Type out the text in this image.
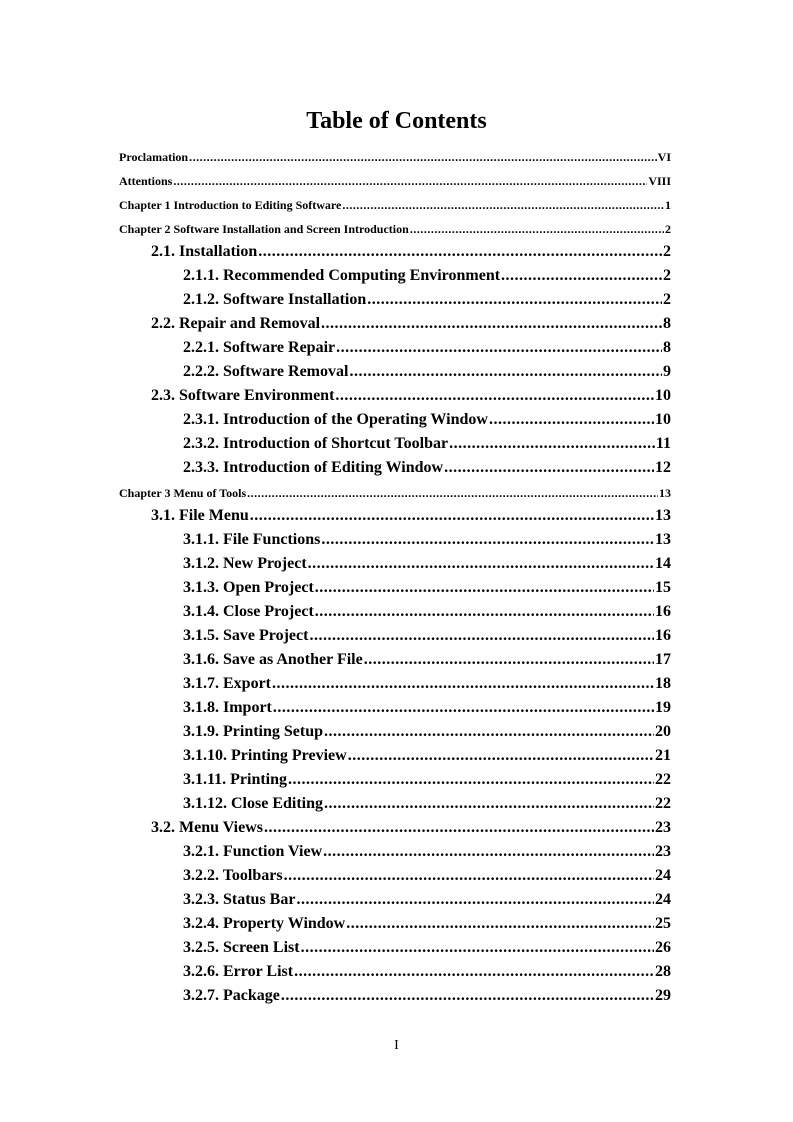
Table of Contents
Proclamation .....	VI
Attentions .....	VIII
Chapter 1 Introduction to Editing Software .....	1
Chapter 2 Software Installation and Screen Introduction .....	2
2.1. Installation .....	2
2.1.1. Recommended Computing Environment .....	2
2.1.2. Software Installation .....	2
2.2. Repair and Removal .....	8
2.2.1. Software Repair .....	8
2.2.2. Software Removal .....	9
2.3. Software Environment .....	10
2.3.1. Introduction of the Operating Window .....	10
2.3.2. Introduction of Shortcut Toolbar .....	11
2.3.3. Introduction of Editing Window .....	12
Chapter 3 Menu of Tools .....	13
3.1. File Menu .....	13
3.1.1. File Functions .....	13
3.1.2. New Project .....	14
3.1.3. Open Project .....	15
3.1.4. Close Project .....	16
3.1.5. Save Project .....	16
3.1.6. Save as Another File .....	17
3.1.7. Export .....	18
3.1.8. Import .....	19
3.1.9. Printing Setup .....	20
3.1.10. Printing Preview .....	21
3.1.11. Printing .....	22
3.1.12. Close Editing .....	22
3.2. Menu Views .....	23
3.2.1. Function View .....	23
3.2.2. Toolbars .....	24
3.2.3. Status Bar .....	24
3.2.4. Property Window .....	25
3.2.5. Screen List .....	26
3.2.6. Error List .....	28
3.2.7. Package .....	29
I
